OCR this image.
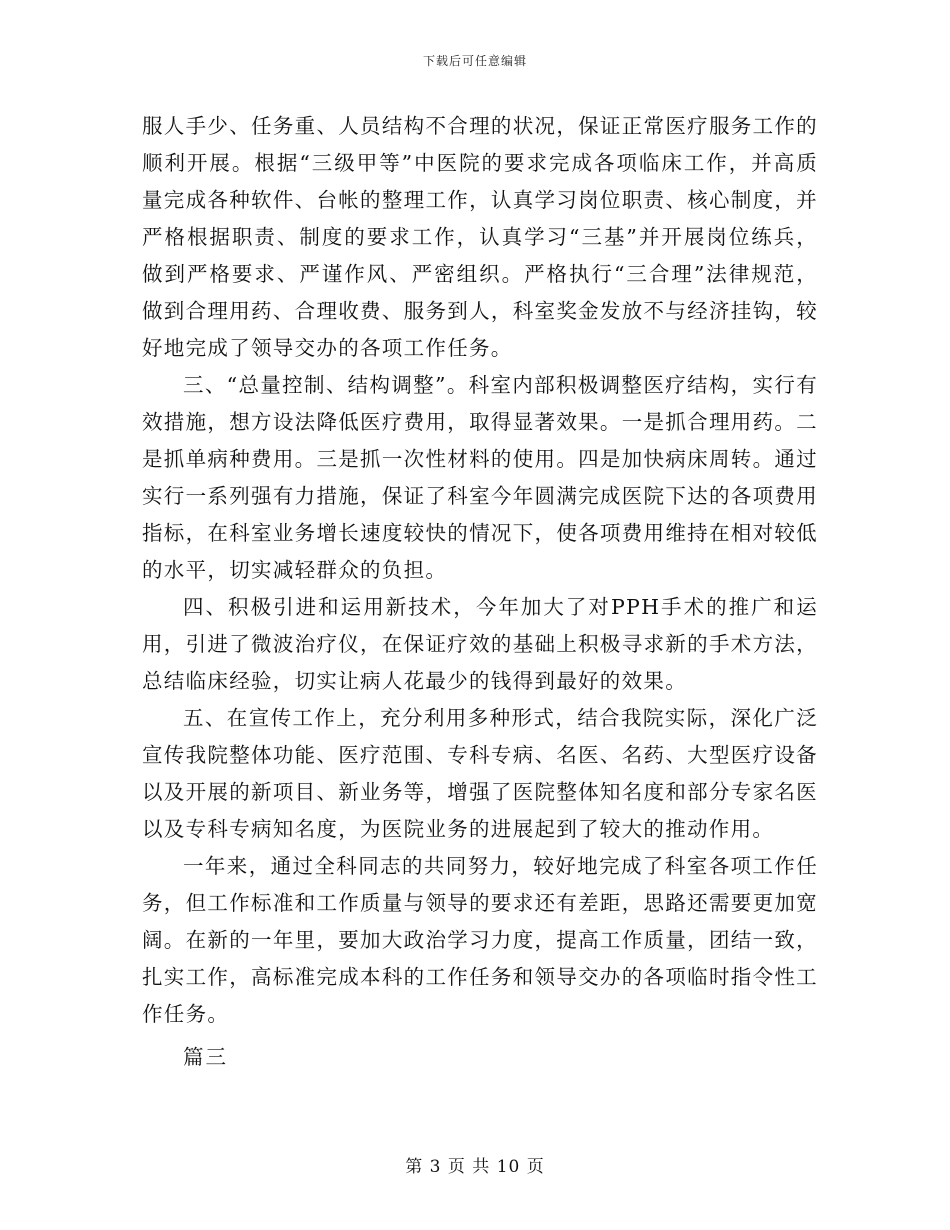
下载后可任意编辑

服人手少、任务重、人员结构不合理的状况，保证正常医疗服务工作的顺利开展。根据“三级甲等”中医院的要求完成各项临床工作，并高质量完成各种软件、台帐的整理工作，认真学习岗位职责、核心制度，并严格根据职责、制度的要求工作，认真学习“三基”并开展岗位练兵，做到严格要求、严谨作风、严密组织。严格执行“三合理”法律规范，做到合理用药、合理收费、服务到人，科室奖金发放不与经济挂钩，较好地完成了领导交办的各项工作任务。

三、“总量控制、结构调整”。科室内部积极调整医疗结构，实行有效措施，想方设法降低医疗费用，取得显著效果。一是抓合理用药。二是抓单病种费用。三是抓一次性材料的使用。四是加快病床周转。通过实行一系列强有力措施，保证了科室今年圆满完成医院下达的各项费用指标，在科室业务增长速度较快的情况下，使各项费用维持在相对较低的水平，切实减轻群众的负担。

四、积极引进和运用新技术，今年加大了对PPH手术的推广和运用，引进了微波治疗仪，在保证疗效的基础上积极寻求新的手术方法，总结临床经验，切实让病人花最少的钱得到最好的效果。

五、在宣传工作上，充分利用多种形式，结合我院实际，深化广泛宣传我院整体功能、医疗范围、专科专病、名医、名药、大型医疗设备以及开展的新项目、新业务等，增强了医院整体知名度和部分专家名医以及专科专病知名度，为医院业务的进展起到了较大的推动作用。

一年来，通过全科同志的共同努力，较好地完成了科室各项工作任务，但工作标准和工作质量与领导的要求还有差距，思路还需要更加宽阔。在新的一年里，要加大政治学习力度，提高工作质量，团结一致，扎实工作，高标准完成本科的工作任务和领导交办的各项临时指令性工作任务。

篇三

第 3 页 共 10 页
